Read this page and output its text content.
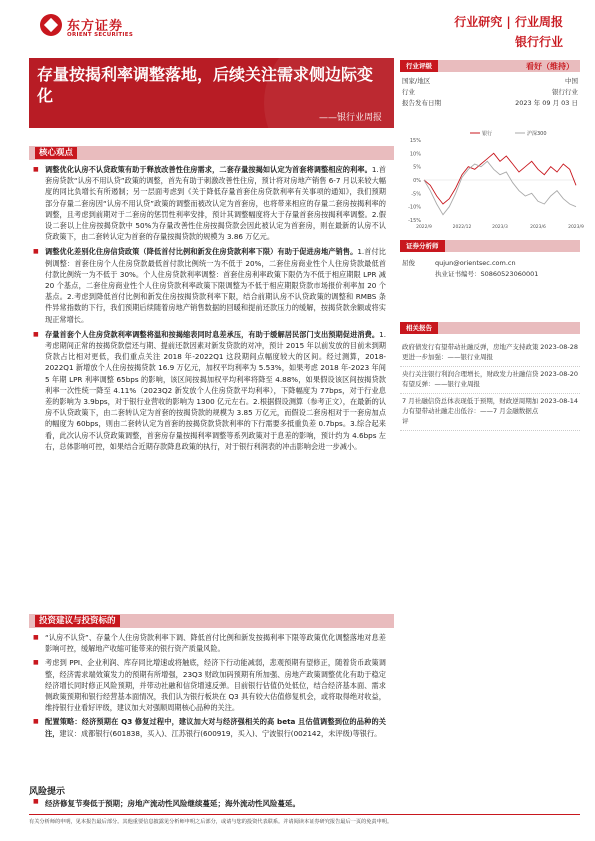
东方证券
ORIENT SECURITIES
行业研究 | 行业周报
银行行业
存量按揭利率调整落地，后续关注需求侧边际变化
——银行业周报
核心观点

■ 调整优化认房不认贷政策有助于释放改善性住房需求，二套存量按揭如认定为首套将调整相应的利率。1.首套房贷款“认房不用认贷”政策的调整，首先有助于刺激改善性住房，预计将对房地产销售 6-7 月以来较大幅度的同比负增长有所遏制；另一层面考虑到《关于降低存量首套住房贷款利率有关事项的通知》，我们预期部分存量二套房因“认房不用认贷”政策的调整而被改认定为首套房，也将带来相应的存量二套房按揭利率的调整，且考虑到前期对于二套房的惩罚性利率安排，预计其调整幅度将大于存量首套房按揭利率调整。2.假设二套以上住房按揭贷款中 50%为存量改善性住房按揭贷款会因此被认定为首套房，则在最新的认房不认贷政策下，由二套转认定为首套的存量按揭贷款的规模为 3.86 万亿元。

■ 调整优化差别化住房信贷政策（降低首付比例和新发住房贷款利率下限）有助于促进房地产销售。1.首付比例调整：首套住房个人住房贷款最低首付款比例统一为不低于 20%，二套住房商业性个人住房贷款最低首付款比例统一为不低于 30%。个人住房贷款利率调整：首套住房利率政策下限仍为不低于相应期限 LPR 减 20 个基点，二套住房商业性个人住房贷款利率政策下限调整为不低于相应期限贷款市场报价利率加 20 个基点。2.考虑到降低首付比例和新发住房按揭贷款利率下限，结合前期认房不认贷政策的调整和 RMBS 条件异常指数的下行，我们预期后续随着房地产销售数据的回暖和提前还款压力的缓解，按揭贷款余额或将实现正常增长。

■ 存量首套个人住房贷款利率调整将温和按揭缩表同时息差承压，有助于缓解居民部门支出预期促进消费。1.考虑期间正常的按揭贷款偿还与期、提前还款因素对新发贷款的对冲，预计 2015 年以前发放的目前未到期贷款占比相对更低，我们重点关注 2018 年-2022Q1 这段期间点幅度较大的区间。经过测算，2018-2022Q1 新增放个人住房按揭贷款 16.9 万亿元，加权平均利率为 5.53%，如果考虑 2018 年-2023 年间 5 年期 LPR 利率调整 65bps 的影响，该区间按揭加权平均利率将降至 4.88%，如果假设该区间按揭贷款利率一次性统一降至 4.11%（2023Q2 新发放个人住房贷款平均利率），下降幅度为 77bps，对于行业息差的影响为 3.9bps，对于银行业营收的影响为 1300 亿元左右。2.根据假设测算（参考正文），在最新的认房不认贷政策下，由二套转认定为首套的按揭贷款的规模为 3.85 万亿元，而假设二套房相对于一套房加点的幅度为 60bps，则由二套转认定为首套的按揭贷款贷款利率的下行需要多抵重负差 0.7bps。3.综合起来看，此次认房不认贷政策调整，首套房存量按揭利率调整等系列政策对于息差的影响，预计约为 4.6bps 左右，总体影响可控，如果结合近期存款降息政策的执行，对于银行利润表的冲击影响会进一步减小。

投资建议与投资标的

■ “认房不认贷”、存量个人住房贷款利率下调、降低首付比例和新发按揭利率下限等政策优化调整落地对息差影响可控，缓解地产收缩可能带来的银行资产质量风险。

■ 考虑到 PPI、企业利润、库存同比增速或将触底，经济下行动能减弱，悲观预期有望修正，随着货币政策调整，经济需求端效策发力的预期有所增强，23Q3 财政加码预期有所加强、房地产政策调整优化有助于稳定经济增长同时修正风险预期，并带动社融和信贷增速反弹。目前银行估值仍处低位，结合经济基本面、需求侧政策预期和银行经营基本面情况，我们认为银行板块在 Q3 具有较大估值修复机会，或将取得绝对收益，维持银行业看好评级，建议加大对强顺周期核心品种的关注。

■ 配置策略：经济预期在 Q3 修复过程中，建议加大对与经济强相关的高 beta 且估值调整到位的品种的关注，建议：成都银行(601838，买入)、江苏银行(600919，买入)、宁波银行(002142，未评级)等银行。

风险提示
■ 经济修复节奏低于预期；房地产流动性风险继续蔓延；海外流动性风险蔓延。
行业评级	看好（维持）
国家/地区	中国
行业	银行行业
报告发布日期	2023 年 09 月 03 日
15%
10%
5%
0%
-5%
-10%
-15%
2022/9	2022/12	2023/3	2023/6	2023/9
银行	沪深300
证券分析师
屈俊	qujun@orientsec.com.cn
执业证书编号：S0860523060001
相关报告
政府债发行有望带动社融反弹，房地产支持政策更进一步加强：——银行业周报
2023-08-28
央行关注银行利润合理增长，财政发力社融信贷有望反弹：——银行业周报
2023-08-20
7 月社融信贷总体表现低于预期，财政逆周期加力有望带动社融走出低谷：——7 月金融数据点评
2023-08-14
有关分析师的申明，见本报告最后部分。其他重要信息披露见分析师申明之后部分，或请与您的投资代表联系。并请阅读本证券研究报告最后一页的免责申明。
